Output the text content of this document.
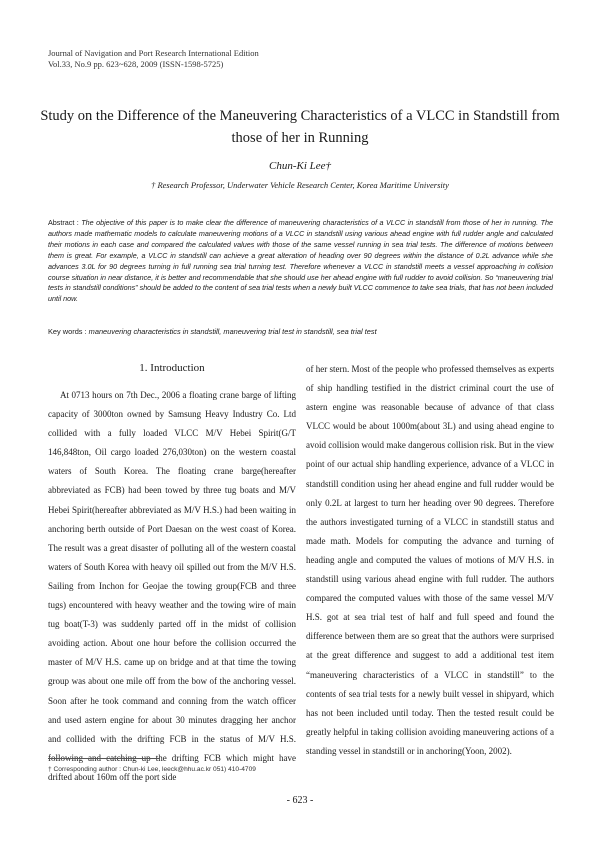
Journal of Navigation and Port Research International Edition
Vol.33, No.9 pp. 623~628, 2009 (ISSN-1598-5725)
Study on the Difference of the Maneuvering Characteristics of a VLCC in Standstill from those of her in Running
Chun-Ki Lee†
† Research Professor, Underwater Vehicle Research Center, Korea Maritime University
Abstract : The objective of this paper is to make clear the difference of maneuvering characteristics of a VLCC in standstill from those of her in running. The authors made mathematic models to calculate maneuvering motions of a VLCC in standstill using various ahead engine with full rudder angle and calculated their motions in each case and compared the calculated values with those of the same vessel running in sea trial tests. The difference of motions between them is great. For example, a VLCC in standstill can achieve a great alteration of heading over 90 degrees within the distance of 0.2L advance while she advances 3.0L for 90 degrees turning in full running sea trial turning test. Therefore whenever a VLCC in standstill meets a vessel approaching in collision course situation in near distance, it is better and recommendable that she should use her ahead engine with full rudder to avoid collision. So “maneuvering trial tests in standstill conditions” should be added to the content of sea trial tests when a newly built VLCC commence to take sea trials, that has not been included until now.
Key words : maneuvering characteristics in standstill, maneuvering trial test in standstill, sea trial test
1. Introduction

At 0713 hours on 7th Dec., 2006 a floating crane barge of lifting capacity of 3000ton owned by Samsung Heavy Industry Co. Ltd collided with a fully loaded VLCC M/V Hebei Spirit(G/T 146,848ton, Oil cargo loaded 276,030ton) on the western coastal waters of South Korea. The floating crane barge(hereafter abbreviated as FCB) had been towed by three tug boats and M/V Hebei Spirit(hereafter abbreviated as M/V H.S.) had been waiting in anchoring berth outside of Port Daesan on the west coast of Korea. The result was a great disaster of polluting all of the western coastal waters of South Korea with heavy oil spilled out from the M/V H.S. Sailing from Inchon for Geojae the towing group(FCB and three tugs) encountered with heavy weather and the towing wire of main tug boat(T-3) was suddenly parted off in the midst of collision avoiding action. About one hour before the collision occurred the master of M/V H.S. came up on bridge and at that time the towing group was about one mile off from the bow of the anchoring vessel. Soon after he took command and conning from the watch officer and used astern engine for about 30 minutes dragging her anchor and collided with the drifting FCB in the status of M/V H.S. following and catching up the drifting FCB which might have drifted about 160m off the port side

of her stern. Most of the people who professed themselves as experts of ship handling testified in the district criminal court the use of astern engine was reasonable because of advance of that class VLCC would be about 1000m(about 3L) and using ahead engine to avoid collision would make dangerous collision risk. But in the view point of our actual ship handling experience, advance of a VLCC in standstill condition using her ahead engine and full rudder would be only 0.2L at largest to turn her heading over 90 degrees. Therefore the authors investigated turning of a VLCC in standstill status and made math. Models for computing the advance and turning of heading angle and computed the values of motions of M/V H.S. in standstill using various ahead engine with full rudder. The authors compared the computed values with those of the same vessel M/V H.S. got at sea trial test of half and full speed and found the difference between them are so great that the authors were surprised at the great difference and suggest to add a additional test item “maneuvering characteristics of a VLCC in standstill” to the contents of sea trial tests for a newly built vessel in shipyard, which has not been included until today. Then the tested result could be greatly helpful in taking collision avoiding maneuvering actions of a standing vessel in standstill or in anchoring(Yoon, 2002).

† Corresponding author : Chun-ki Lee, leeck@hhu.ac.kr 051) 410-4709
- 623 -
